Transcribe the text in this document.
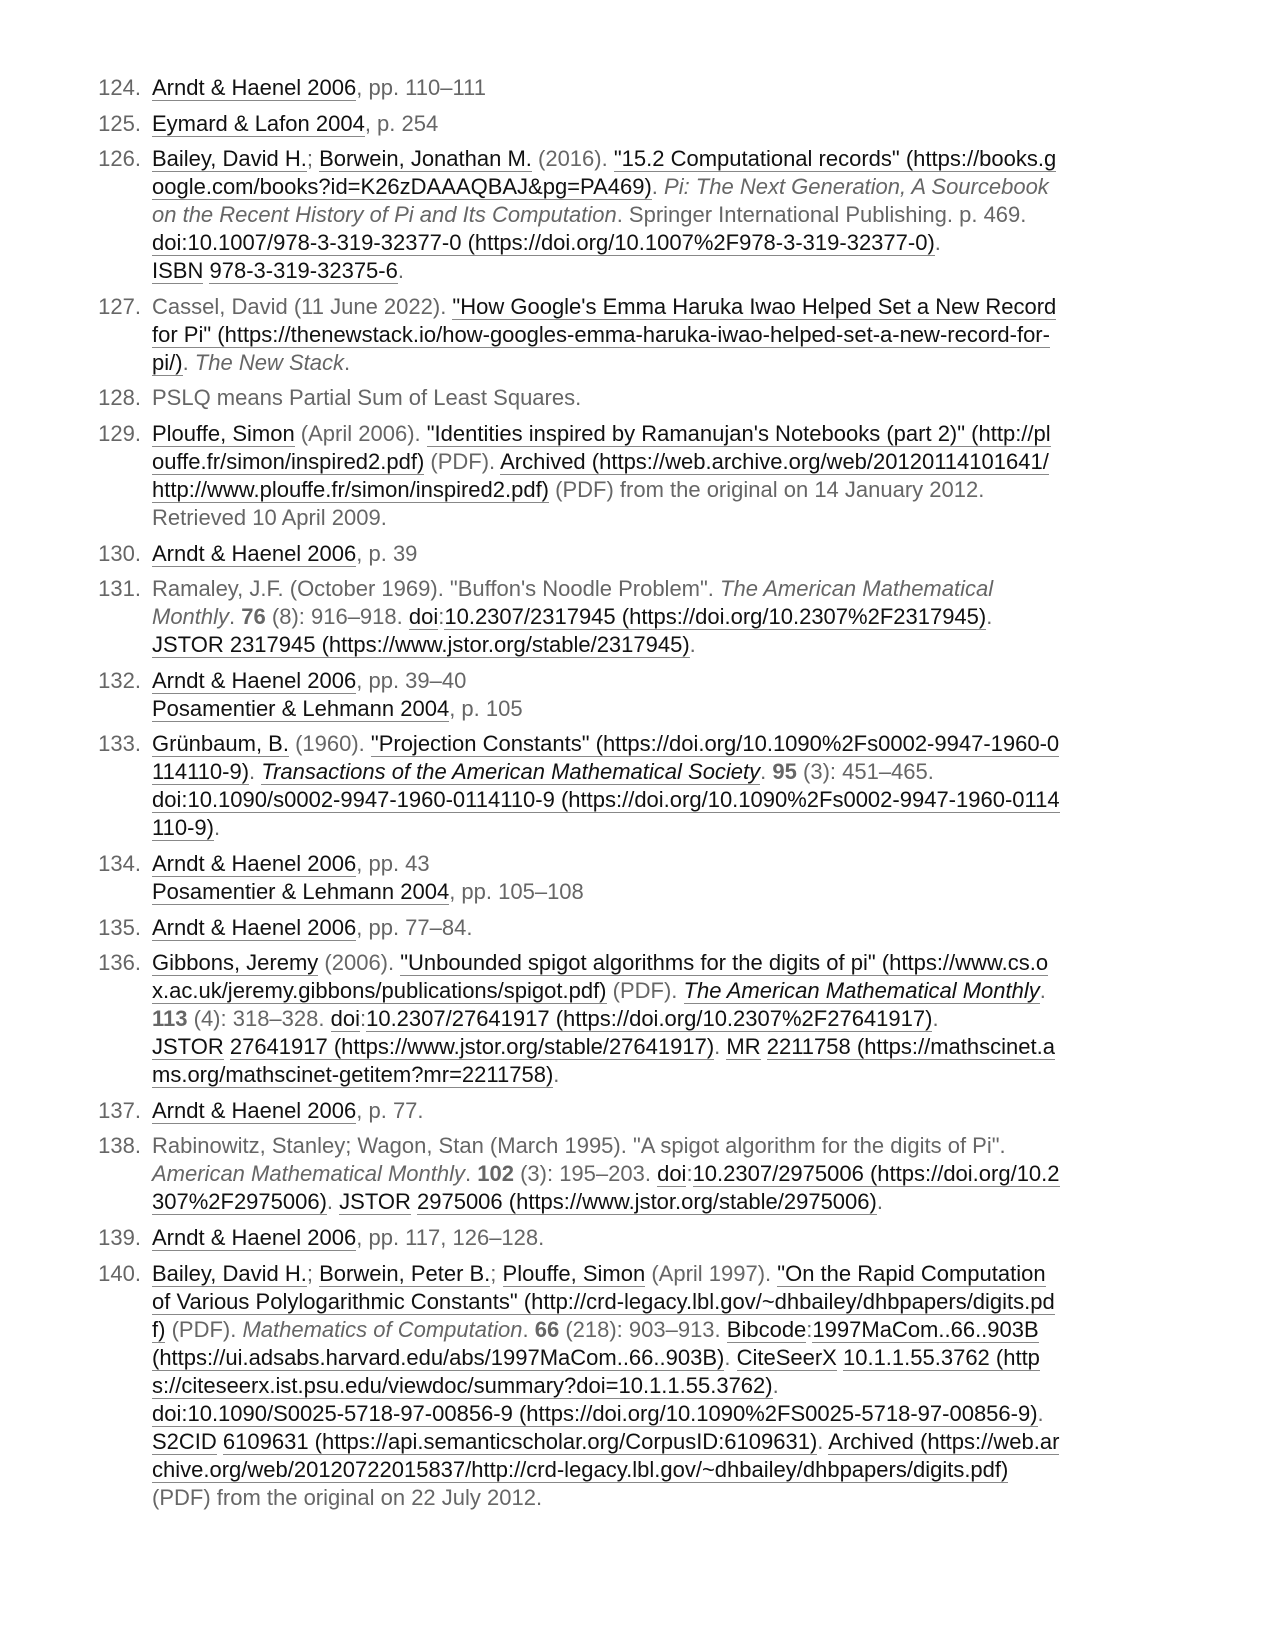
124. Arndt & Haenel 2006, pp. 110–111
125. Eymard & Lafon 2004, p. 254
126. Bailey, David H.; Borwein, Jonathan M. (2016). "15.2 Computational records" (https://books.g
oogle.com/books?id=K26zDAAAQBAJ&pg=PA469). Pi: The Next Generation, A Sourcebook
on the Recent History of Pi and Its Computation. Springer International Publishing. p. 469.
doi:10.1007/978-3-319-32377-0 (https://doi.org/10.1007%2F978-3-319-32377-0).
ISBN 978-3-319-32375-6.
127. Cassel, David (11 June 2022). "How Google's Emma Haruka Iwao Helped Set a New Record
for Pi" (https://thenewstack.io/how-googles-emma-haruka-iwao-helped-set-a-new-record-for-
pi/). The New Stack.
128. PSLQ means Partial Sum of Least Squares.
129. Plouffe, Simon (April 2006). "Identities inspired by Ramanujan's Notebooks (part 2)" (http://pl
ouffe.fr/simon/inspired2.pdf) (PDF). Archived (https://web.archive.org/web/20120114101641/
http://www.plouffe.fr/simon/inspired2.pdf) (PDF) from the original on 14 January 2012.
Retrieved 10 April 2009.
130. Arndt & Haenel 2006, p. 39
131. Ramaley, J.F. (October 1969). "Buffon's Noodle Problem". The American Mathematical
Monthly. 76 (8): 916–918. doi:10.2307/2317945 (https://doi.org/10.2307%2F2317945).
JSTOR 2317945 (https://www.jstor.org/stable/2317945).
132. Arndt & Haenel 2006, pp. 39–40
Posamentier & Lehmann 2004, p. 105
133. Grünbaum, B. (1960). "Projection Constants" (https://doi.org/10.1090%2Fs0002-9947-1960-0
114110-9). Transactions of the American Mathematical Society. 95 (3): 451–465.
doi:10.1090/s0002-9947-1960-0114110-9 (https://doi.org/10.1090%2Fs0002-9947-1960-0114
110-9).
134. Arndt & Haenel 2006, pp. 43
Posamentier & Lehmann 2004, pp. 105–108
135. Arndt & Haenel 2006, pp. 77–84.
136. Gibbons, Jeremy (2006). "Unbounded spigot algorithms for the digits of pi" (https://www.cs.o
x.ac.uk/jeremy.gibbons/publications/spigot.pdf) (PDF). The American Mathematical Monthly.
113 (4): 318–328. doi:10.2307/27641917 (https://doi.org/10.2307%2F27641917).
JSTOR 27641917 (https://www.jstor.org/stable/27641917). MR 2211758 (https://mathscinet.a
ms.org/mathscinet-getitem?mr=2211758).
137. Arndt & Haenel 2006, p. 77.
138. Rabinowitz, Stanley; Wagon, Stan (March 1995). "A spigot algorithm for the digits of Pi".
American Mathematical Monthly. 102 (3): 195–203. doi:10.2307/2975006 (https://doi.org/10.2
307%2F2975006). JSTOR 2975006 (https://www.jstor.org/stable/2975006).
139. Arndt & Haenel 2006, pp. 117, 126–128.
140. Bailey, David H.; Borwein, Peter B.; Plouffe, Simon (April 1997). "On the Rapid Computation
of Various Polylogarithmic Constants" (http://crd-legacy.lbl.gov/~dhbailey/dhbpapers/digits.pd
f) (PDF). Mathematics of Computation. 66 (218): 903–913. Bibcode:1997MaCom..66..903B
(https://ui.adsabs.harvard.edu/abs/1997MaCom..66..903B). CiteSeerX 10.1.1.55.3762 (http
s://citeseerx.ist.psu.edu/viewdoc/summary?doi=10.1.1.55.3762).
doi:10.1090/S0025-5718-97-00856-9 (https://doi.org/10.1090%2FS0025-5718-97-00856-9).
S2CID 6109631 (https://api.semanticscholar.org/CorpusID:6109631). Archived (https://web.ar
chive.org/web/20120722015837/http://crd-legacy.lbl.gov/~dhbailey/dhbpapers/digits.pdf)
(PDF) from the original on 22 July 2012.
